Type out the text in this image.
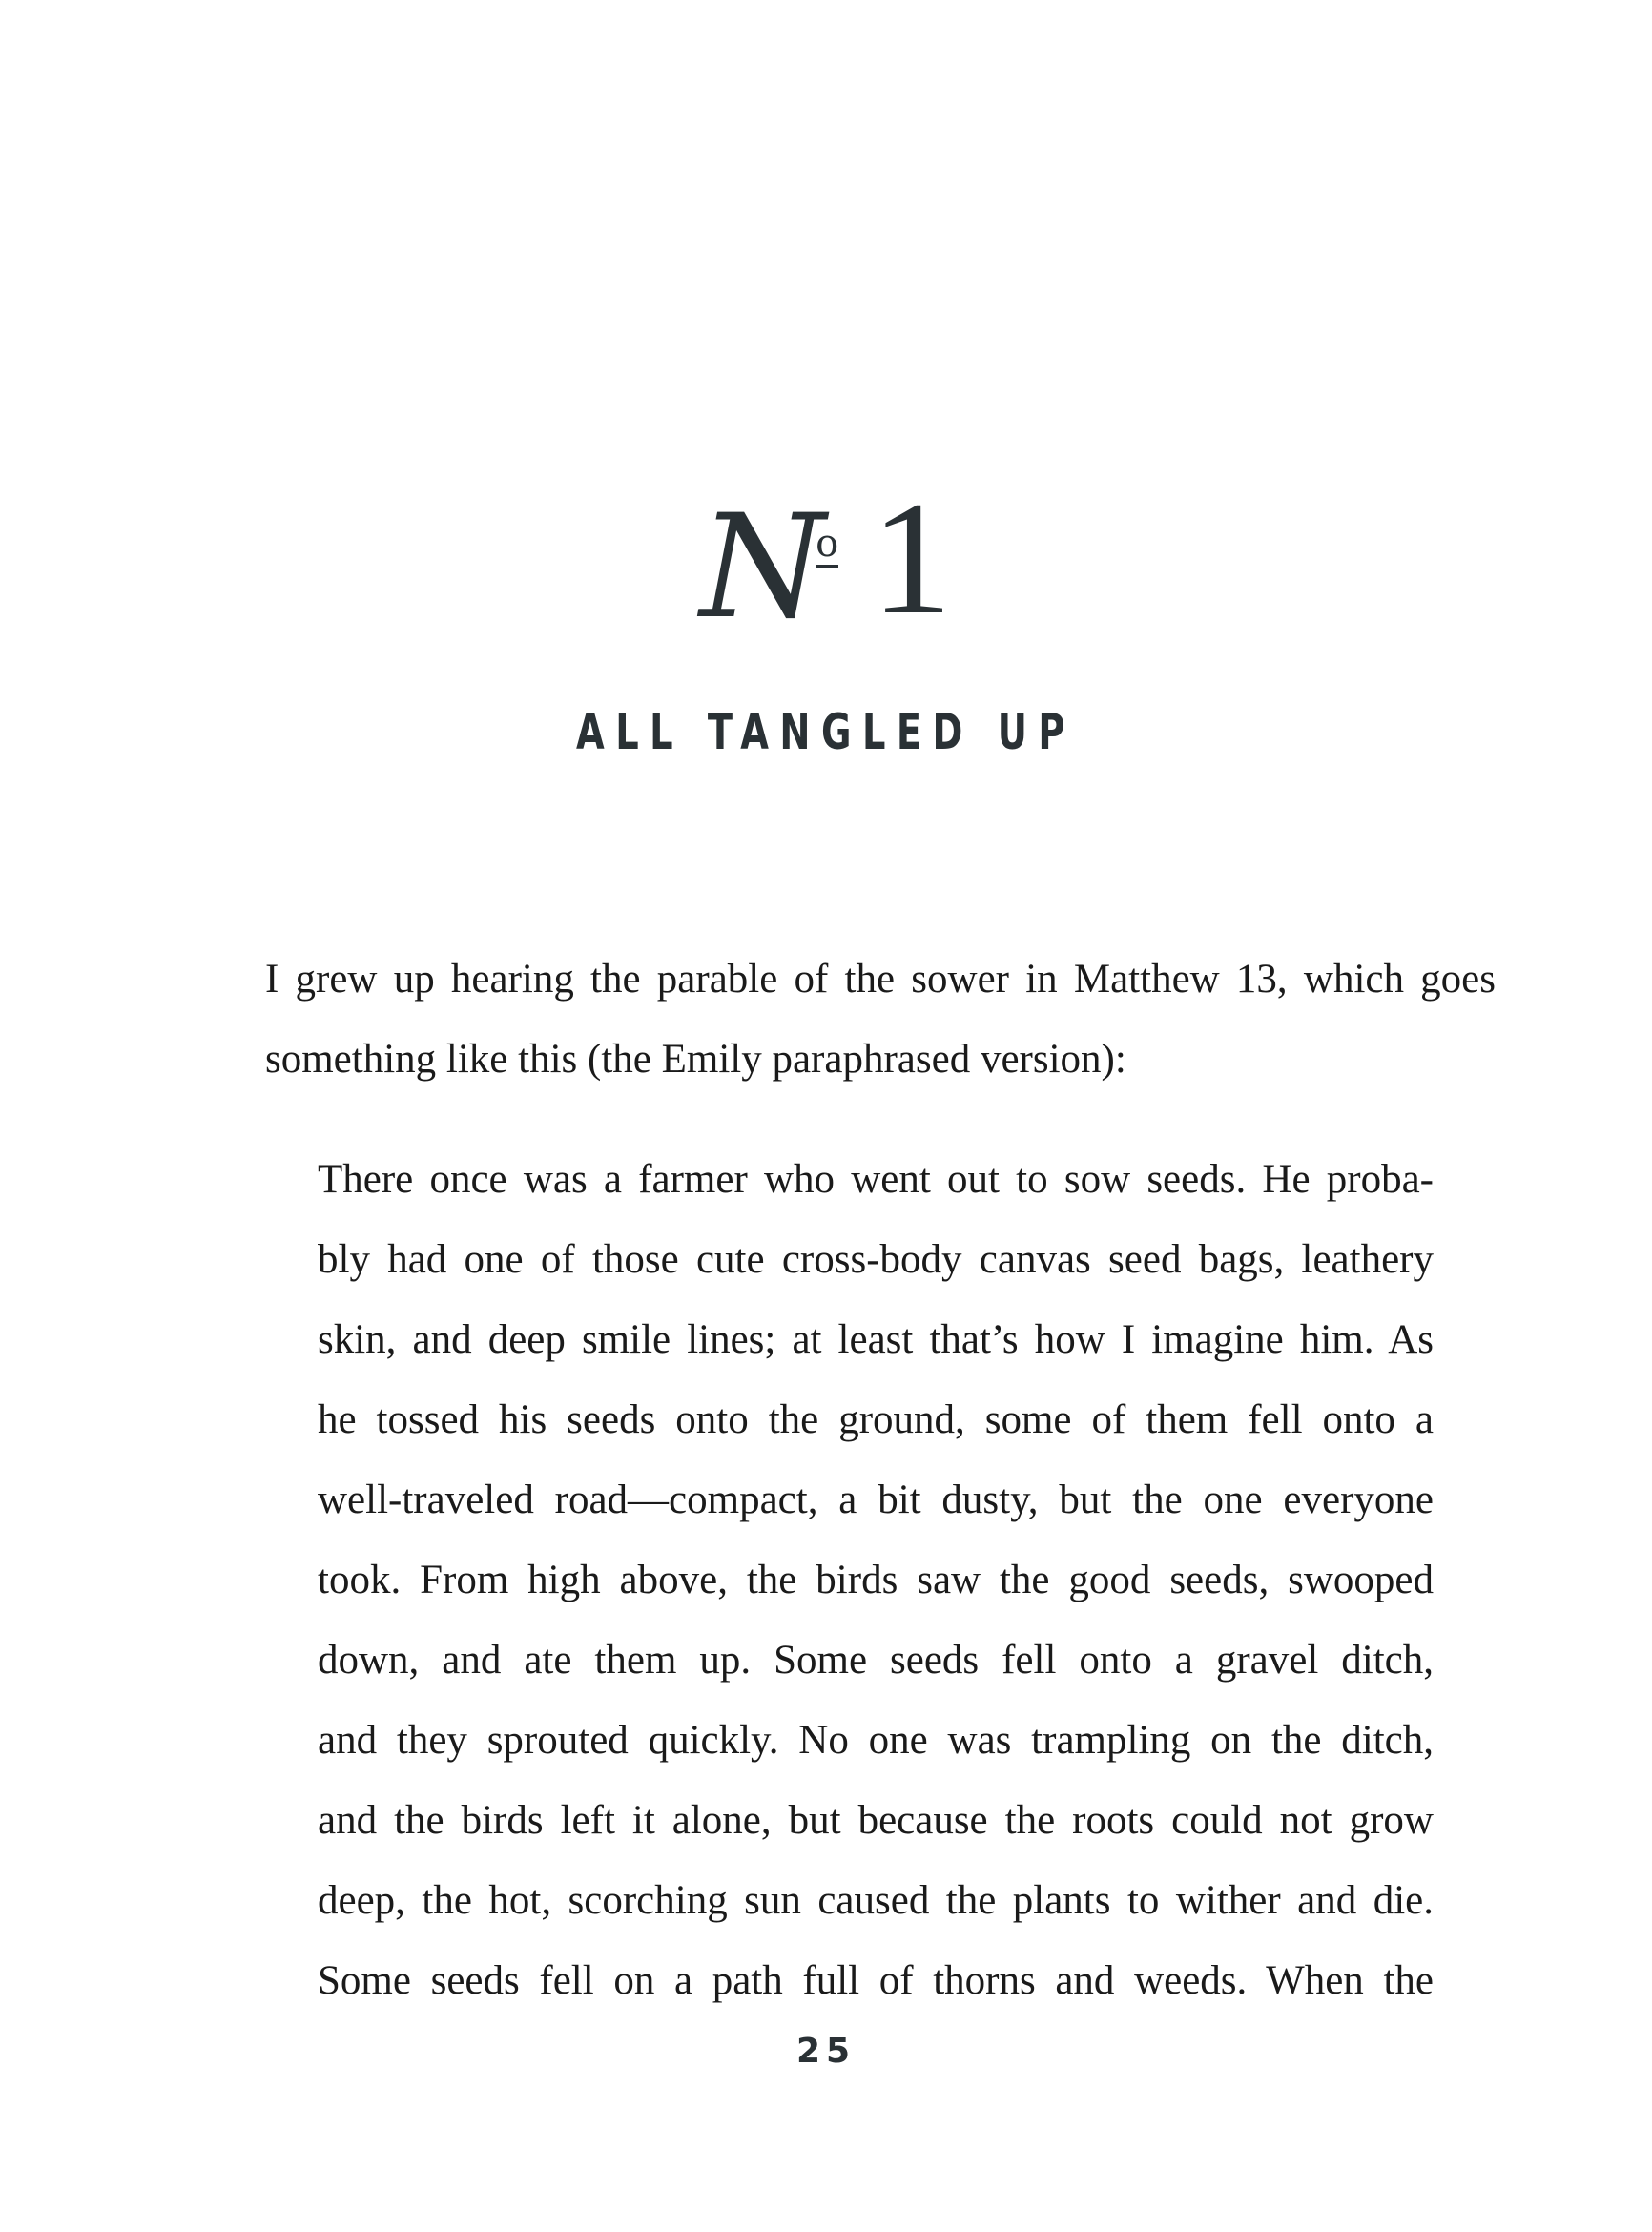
No 1
ALL TANGLED UP

I grew up hearing the parable of the sower in Matthew 13, which goes
something like this (the Emily paraphrased version):

There once was a farmer who went out to sow seeds. He proba-
bly had one of those cute cross-body canvas seed bags, leathery
skin, and deep smile lines; at least that’s how I imagine him. As
he tossed his seeds onto the ground, some of them fell onto a
well-traveled road—compact, a bit dusty, but the one everyone
took. From high above, the birds saw the good seeds, swooped
down, and ate them up. Some seeds fell onto a gravel ditch,
and they sprouted quickly. No one was trampling on the ditch,
and the birds left it alone, but because the roots could not grow
deep, the hot, scorching sun caused the plants to wither and die.
Some seeds fell on a path full of thorns and weeds. When the

25
